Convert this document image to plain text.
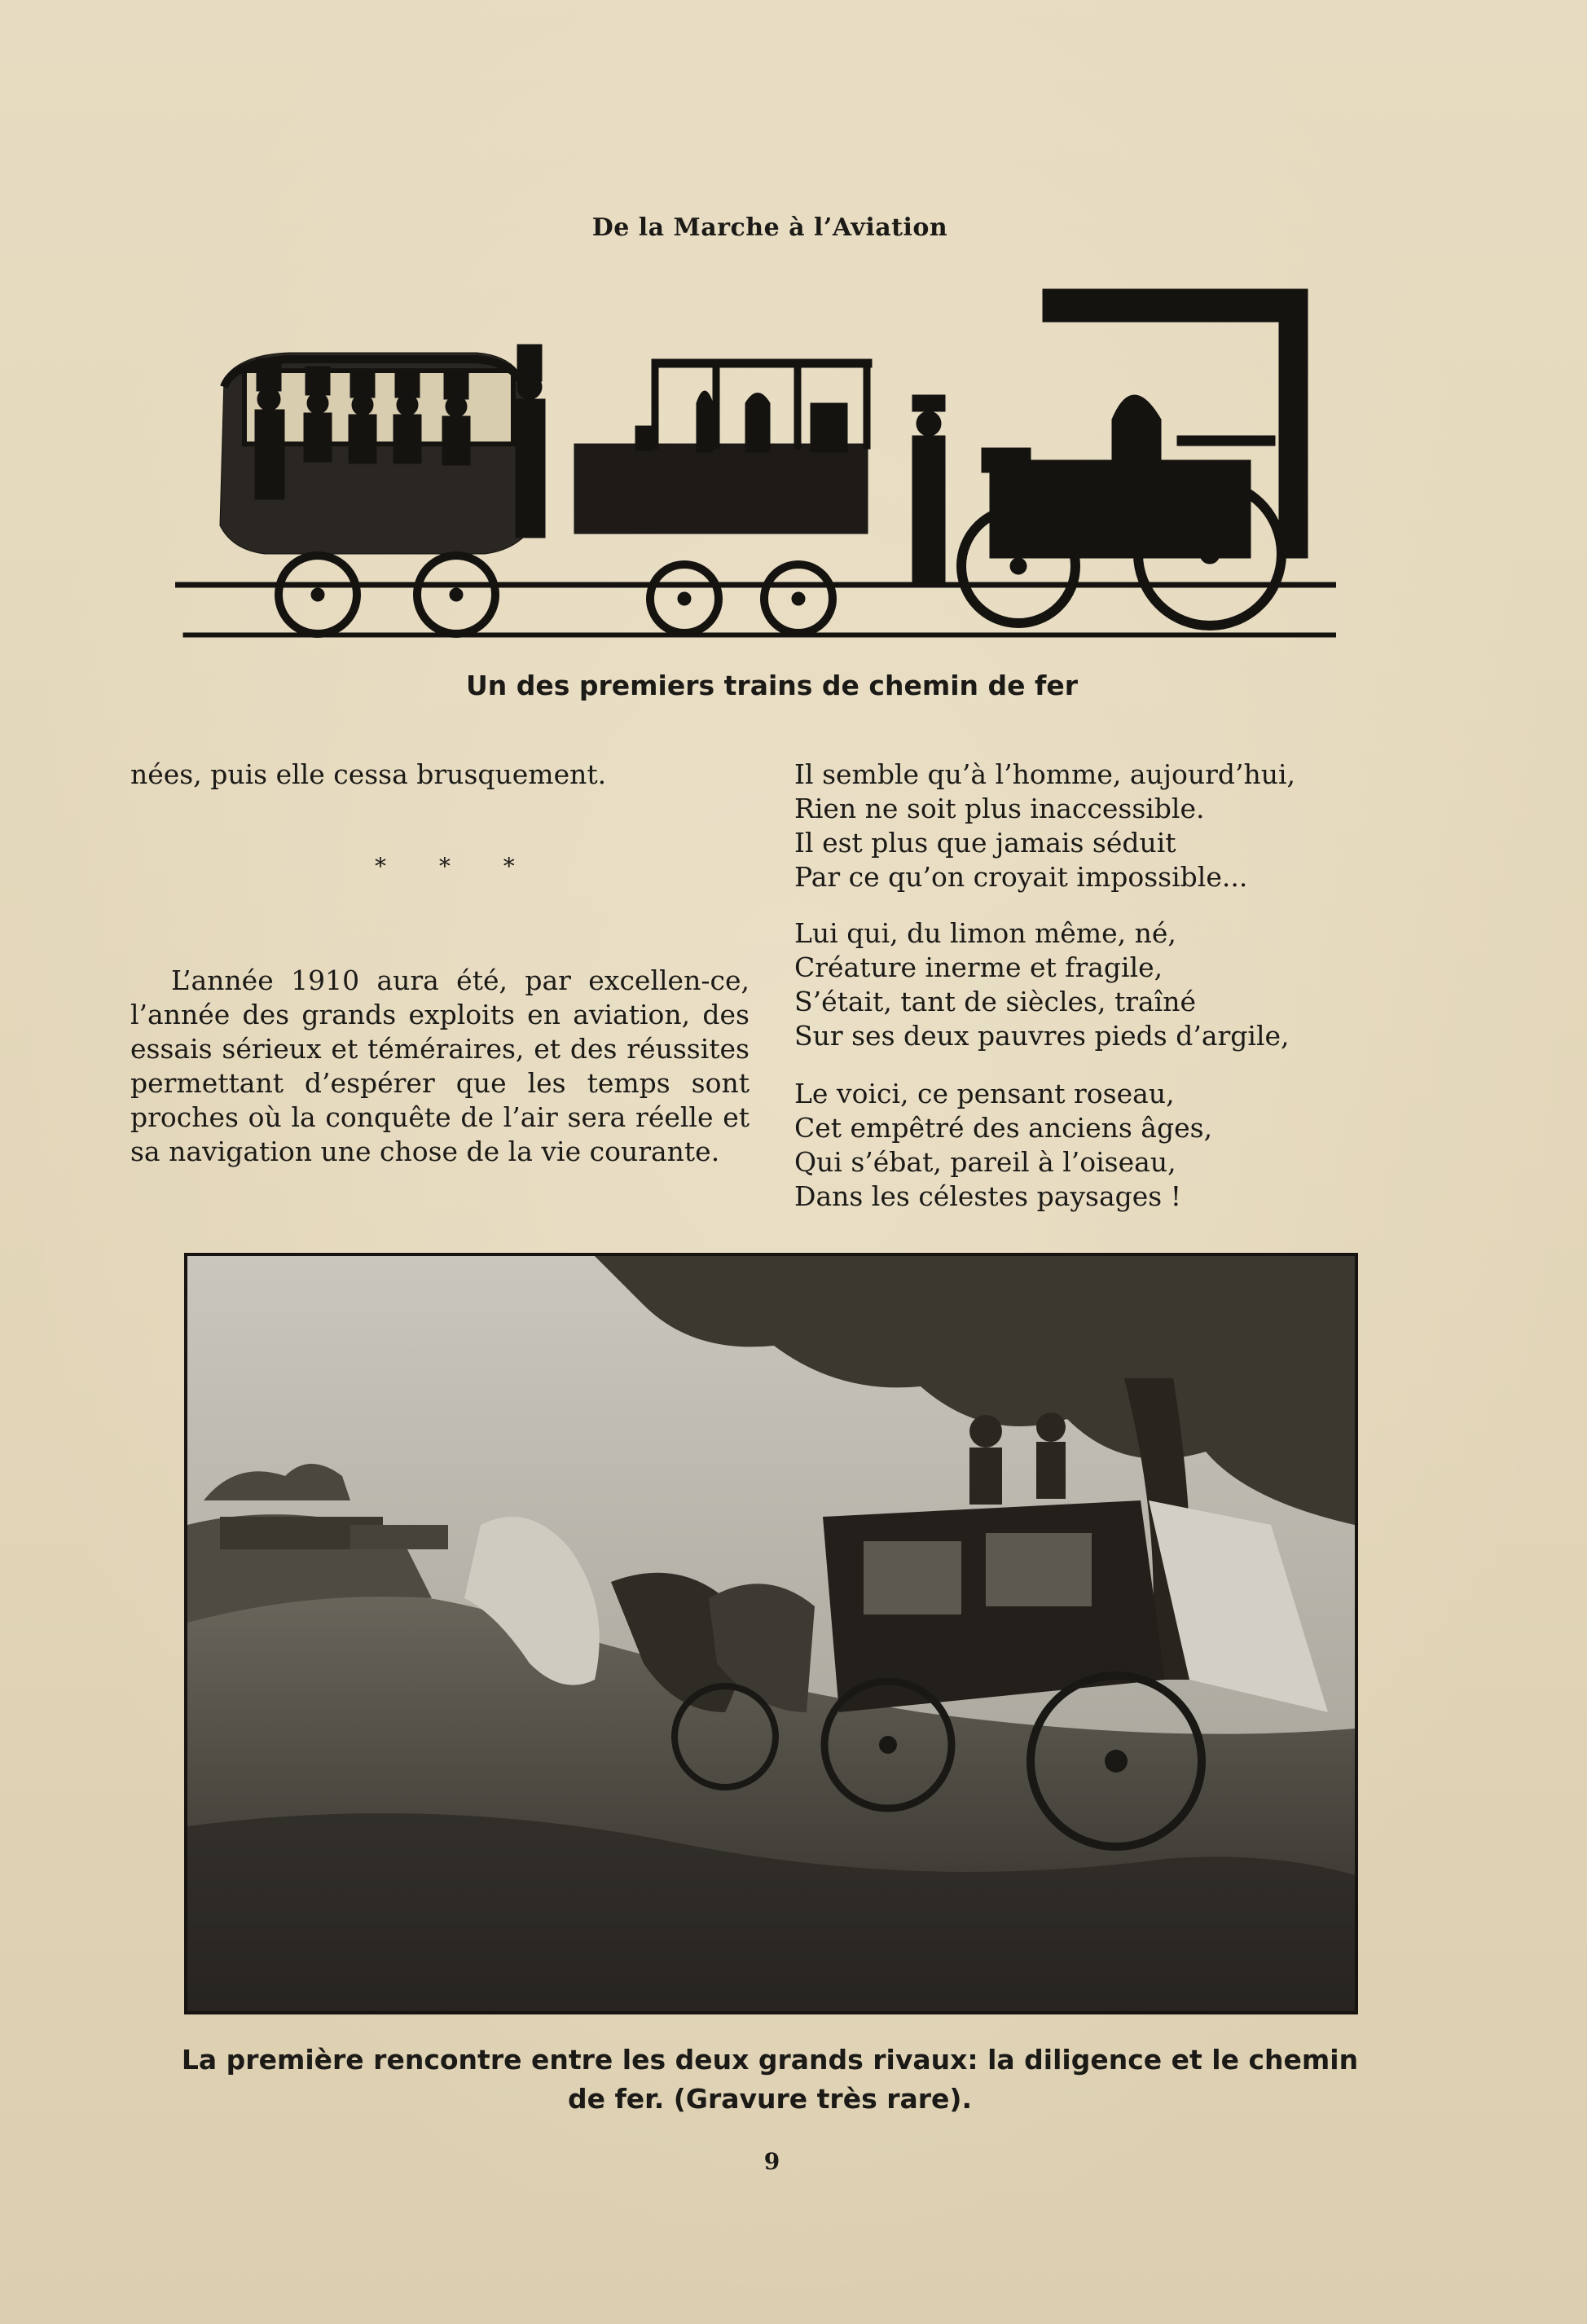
De la Marche à l’Aviation
Un des premiers trains de chemin de fer

nées, puis elle cessa brusquement.

* * *

L’année 1910 aura été, par excellen-ce, l’année des grands exploits en aviation, des essais sérieux et téméraires, et des réussites permettant d’espérer que les temps sont proches où la conquête de l’air sera réelle et sa navigation une chose de la vie courante.

Il semble qu’à l’homme, aujourd’hui,
Rien ne soit plus inaccessible.
Il est plus que jamais séduit
Par ce qu’on croyait impossible...
Lui qui, du limon même, né,
Créature inerme et fragile,
S’était, tant de siècles, traîné
Sur ses deux pauvres pieds d’argile,
Le voici, ce pensant roseau,
Cet empêtré des anciens âges,
Qui s’ébat, pareil à l’oiseau,
Dans les célestes paysages !
La première rencontre entre les deux grands rivaux: la diligence et le chemin
de fer. (Gravure très rare).
9
